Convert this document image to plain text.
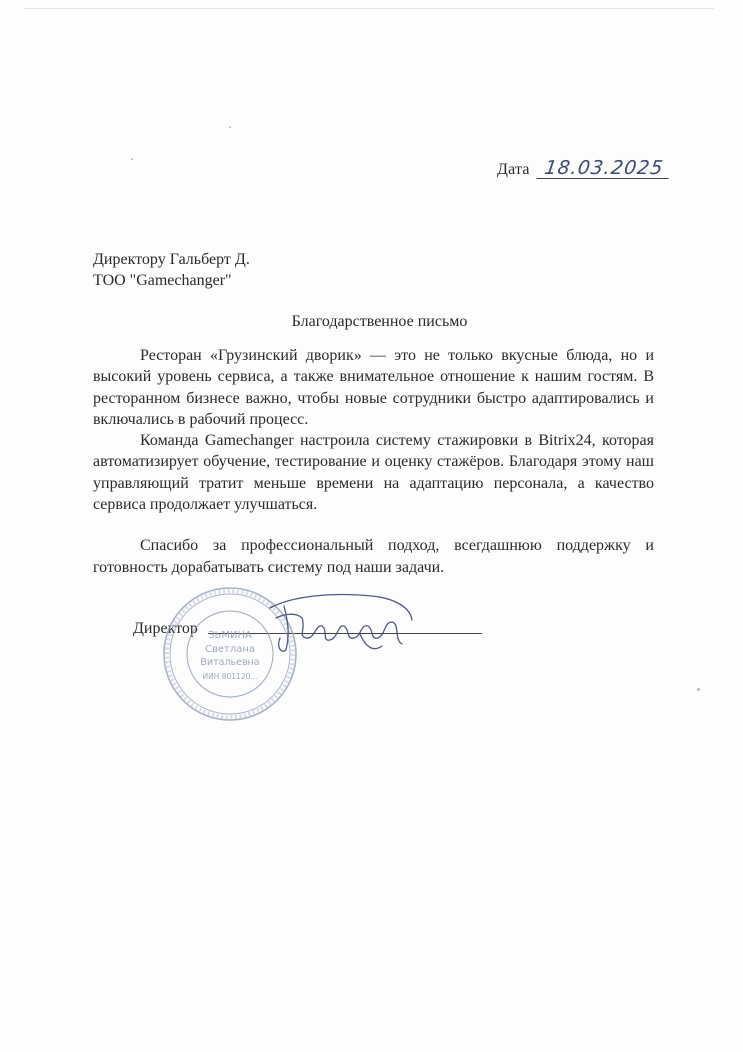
Дата 18.03.2025
Директору Гальберт Д.
ТОО "Gamechanger"
Благодарственное письмо

Ресторан «Грузинский дворик» — это не только вкусные блюда, но и высокий уровень сервиса, а также внимательное отношение к нашим гостям. В ресторанном бизнесе важно, чтобы новые сотрудники быстро адаптировались и включались в рабочий процесс.

Команда Gamechanger настроила систему стажировки в Bitrix24, которая автоматизирует обучение, тестирование и оценку стажёров. Благодаря этому наш управляющий тратит меньше времени на адаптацию персонала, а качество сервиса продолжает улучшаться.

Спасибо за профессиональный подход, всегдашнюю поддержку и готовность дорабатывать систему под наши задачи.

Директор ЗЬМИНА
Светлана
Витальевна
ИИН 801120...
